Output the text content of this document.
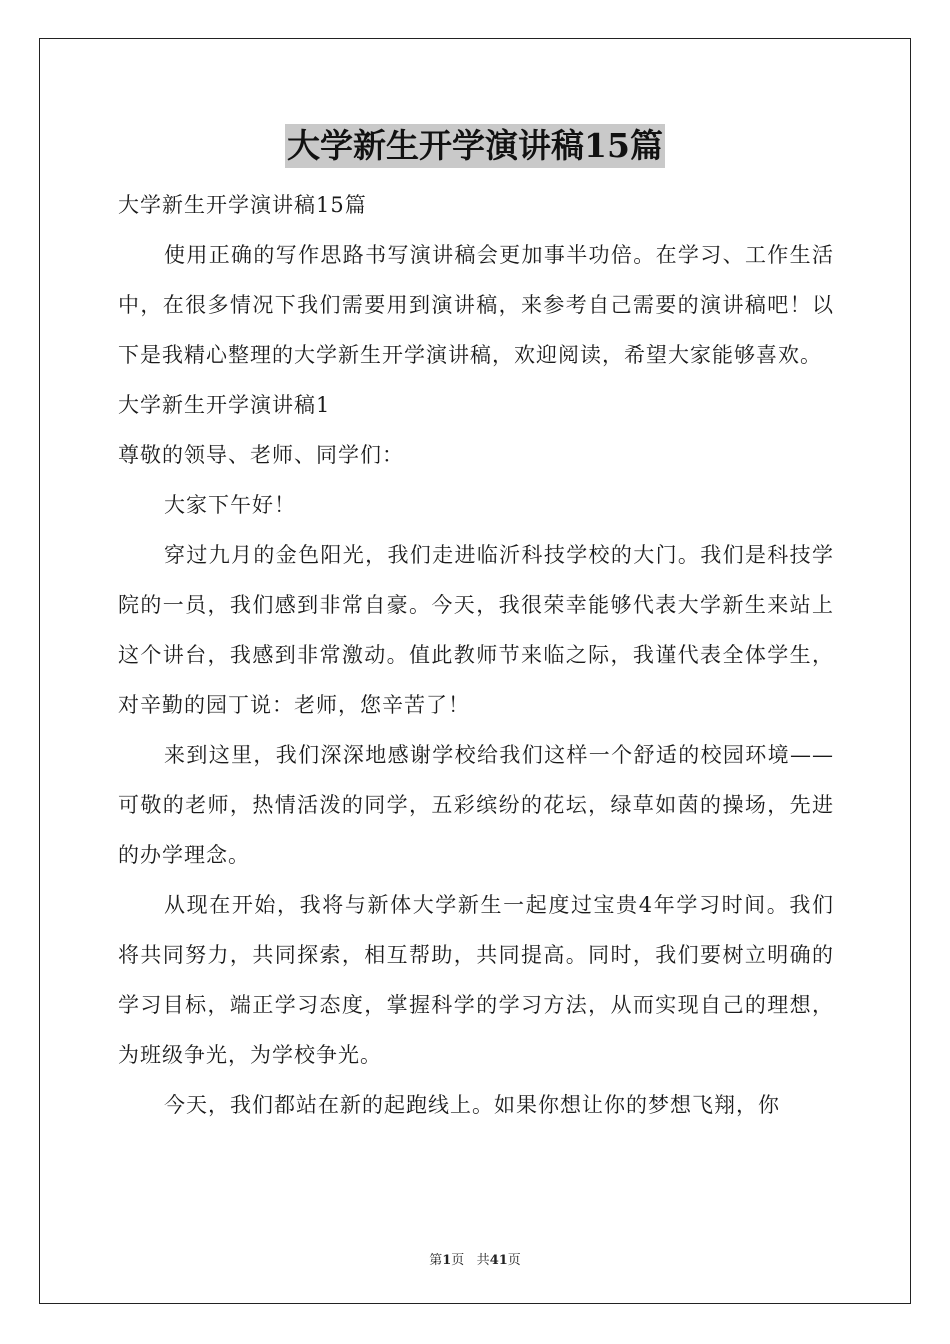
大学新生开学演讲稿15篇

大学新生开学演讲稿15篇

使用正确的写作思路书写演讲稿会更加事半功倍。在学习、工作生活中，在很多情况下我们需要用到演讲稿，来参考自己需要的演讲稿吧！以下是我精心整理的大学新生开学演讲稿，欢迎阅读，希望大家能够喜欢。

大学新生开学演讲稿1

尊敬的领导、老师、同学们：

大家下午好！

穿过九月的金色阳光，我们走进临沂科技学校的大门。我们是科技学院的一员，我们感到非常自豪。今天，我很荣幸能够代表大学新生来站上这个讲台，我感到非常激动。值此教师节来临之际，我谨代表全体学生，对辛勤的园丁说：老师，您辛苦了！

来到这里，我们深深地感谢学校给我们这样一个舒适的校园环境——可敬的老师，热情活泼的同学，五彩缤纷的花坛，绿草如茵的操场，先进的办学理念。

从现在开始，我将与新体大学新生一起度过宝贵4年学习时间。我们将共同努力，共同探索，相互帮助，共同提高。同时，我们要树立明确的学习目标，端正学习态度，掌握科学的学习方法，从而实现自己的理想，为班级争光，为学校争光。

今天，我们都站在新的起跑线上。如果你想让你的梦想飞翔，你

第1页 共41页
